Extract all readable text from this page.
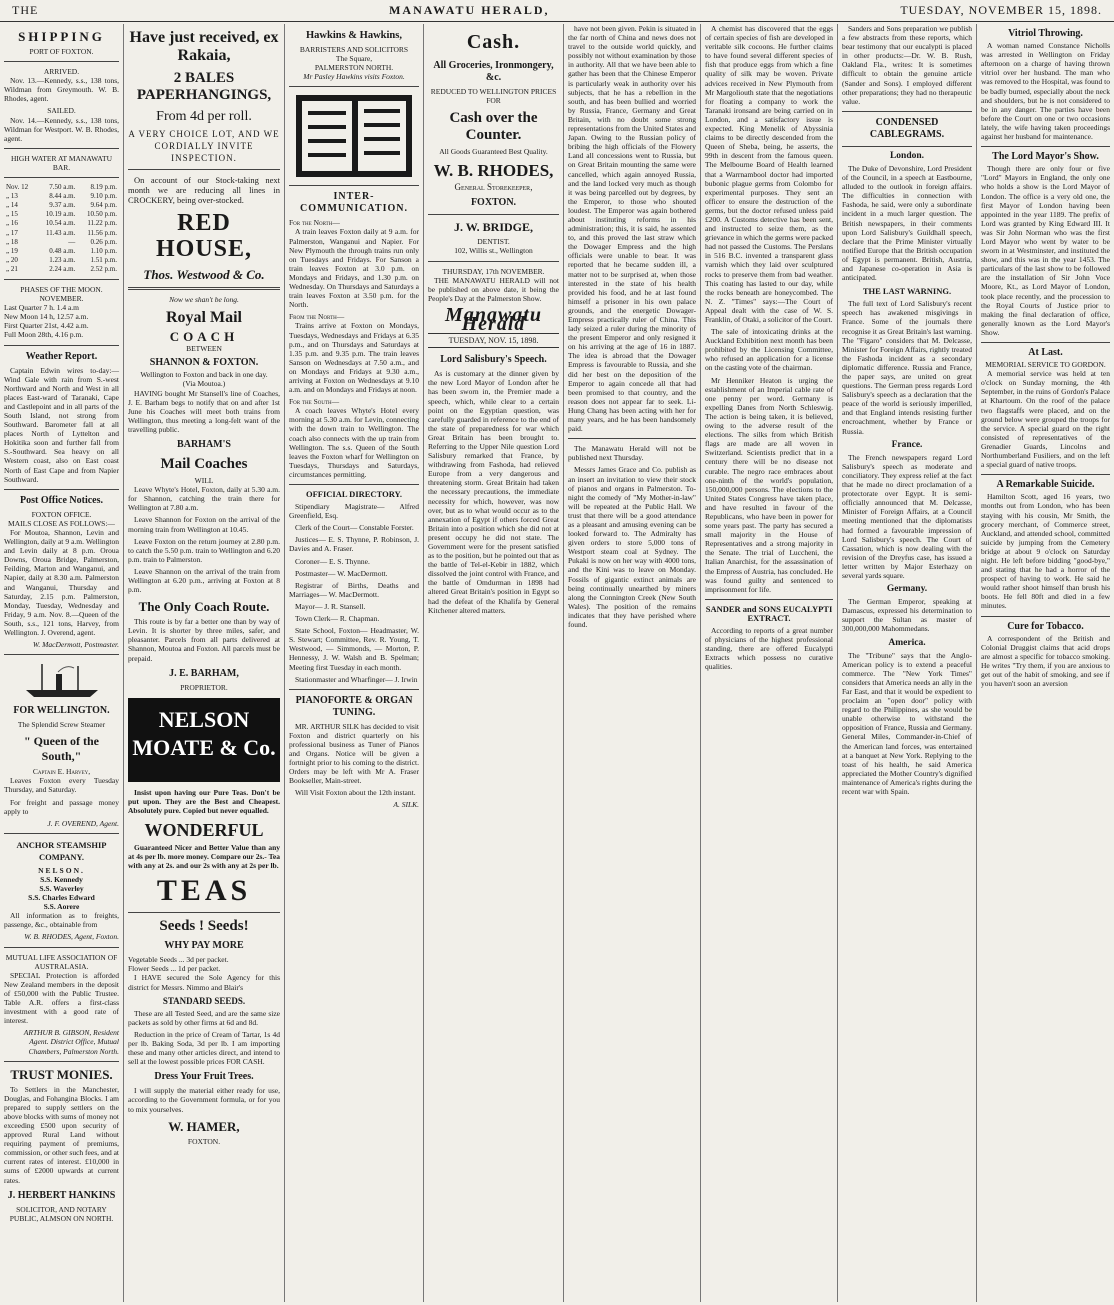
THE	MANAWATU HERALD,	TUESDAY, NOVEMBER 15, 1898.
SHIPPING
PORT OF FOXTON.
ARRIVED.

Nov. 13.—Kennedy, s.s., 138 tons, Wildman from Greymouth. W. B. Rhodes, agent.

SAILED.

Nov. 14.—Kennedy, s.s., 138 tons, Wildman for Westport. W. B. Rhodes, agent.

HIGH WATER AT MANAWATU BAR.
Nov. 12	7.50 a.m.	8.19 p.m.
„ 13	8.44 a.m.	9.10 p.m.
„ 14	9.37 a.m.	9.64 p.m.
„ 15	10.19 a.m.	10.50 p.m.
„ 16	10.54 a.m.	11.22 p.m.
„ 17	11.43 a.m.	11.56 p.m.
„ 18	—	0.26 p.m.
„ 19	0.48 a.m.	1.10 p.m.
„ 20	1.23 a.m.	1.51 p.m.
„ 21	2.24 a.m.	2.52 p.m.
PHASES OF THE MOON.
NOVEMBER.
Last Quarter 7 h. 1.4 a.m
New Moon 14 h, 12.57 a.m.
First Quarter 21st, 4.42 a.m.
Full Moon 28th, 4.16 p.m.
Weather Report.

Captain Edwin wires to-day:—Wind Gale with rain from S.-west Northward and North and West in all places East-ward of Taranaki, Cape and Castlepoint and in all parts of the South Island, not strong from Southward. Barometer fall at all places North of Lyttelton and Hokitika soon and further fall from S.-Southward. Sea heavy on all Western coast, also on East coast North of East Cape and from Napier Southward.

Post Office Notices.
FOXTON OFFICE.
MAILS CLOSE AS FOLLOWS:—

For Moutoa, Shannon, Levin and Wellington, daily at 9 a.m. Wellington and Levin daily at 8 p.m. Oroua Downs, Oroua Bridge, Palmerston, Feilding, Marton and Wanganui, and Napier, daily at 8.30 a.m. Palmerston and Wanganui, Thursday and Saturday, 2.15 p.m. Palmerston, Monday, Tuesday, Wednesday and Friday, 9 a.m. Nov. 8.—Queen of the South, s.s., 121 tons, Harvey, from Wellington. J. Overend, agent.

W. MacDermott, Postmaster.
FOR WELLINGTON.
The Splendid Screw Steamer
" Queen of the South,"
Captain E. Harvey,

Leaves Foxton every Tuesday Thursday, and Saturday.

For freight and passage money apply to

J. F. OVEREND, Agent.
ANCHOR STEAMSHIP COMPANY.
NELSON.
S.S. Kennedy
S.S. Waverley
S.S. Charles Edward
S.S. Aorere

All information as to freights, passenge, &c., obtainable from

W. B. RHODES, Agent, Foxton.
MUTUAL LIFE ASSOCIATION OF AUSTRALASIA.

SPECIAL Protection is afforded New Zealand members in the deposit of £50,000 with the Public Trustee. Table A.R. offers a first-class investment with a good rate of interest.

ARTHUR B. GIBSON, Resident Agent. District Office, Mutual Chambers, Palmerston North.
TRUST MONIES.

To Settlers in the Manchester, Douglas, and Fohangina Blocks. I am prepared to supply settlers on the above blocks with sums of money not exceeding £500 upon security of approved Rural Land without requiring payment of premiums, commission, or other such fees, and at current rates of interest. £10,000 in sums of £2000 upwards at current rates.

J. HERBERT HANKINS
SOLICITOR, AND NOTARY PUBLIC, ALMSON ON NORTH.
Have just received, ex Rakaia,
2 BALES PAPERHANGINGS,
From 4d per roll.
A VERY CHOICE LOT, AND WE CORDIALLY INVITE INSPECTION.

On account of our Stock-taking next month we are reducing all lines in CROCKERY, being over-stocked.

RED HOUSE,
Thos. Westwood & Co.
Now we shan't be long.
Royal Mail
COACH
BETWEEN
SHANNON & FOXTON.
Wellington to Foxton and back in one day.
(Via Moutoa.)

HAVING bought Mr Stansell's line of Coaches, J. E. Barham begs to notify that on and after 1st June his Coaches will meet both trains from Wellington, thus meeting a long-felt want of the travelling public.

BARHAM'S
Mail Coaches
WILL

Leave Whyte's Hotel, Foxton, daily at 5.30 a.m. for Shannon, catching the train there for Wellington at 7.80 a.m.

Leave Shannon for Foxton on the arrival of the morning train from Wellington at 10.45.

Leave Foxton on the return journey at 2.80 p.m. to catch the 5.50 p.m. train to Wellington and 6.20 p.m. train to Palmerston.

Leave Shannon on the arrival of the train from Wellington at 6.20 p.m., arriving at Foxton at 8 p.m.

The Only Coach Route.

This route is by far a better one than by way of Levin. It is shorter by three miles, safer, and pleasanter. Parcels from all parts delivered at Shannon, Moutoa and Foxton. All parcels must be prepaid.

J. E. BARHAM,
PROPRIETOR.
NELSON MOATE & Co.

Insist upon having our Pure Teas. Don't be put upon. They are the Best and Cheapest. Absolutely pure. Copied but never equalled.

WONDERFUL

Guaranteed Nicer and Better Value than any at 4s per lb. more money. Compare our 2s.- Tea with any at 2s. and our 2s with any at 2s per lb.

TEAS
Seeds ! Seeds!
WHY PAY MORE
Vegetable Seeds ... 3d per packet.
Flower Seeds ... 1d per packet.

I HAVE secured the Sole Agency for this district for Messrs. Nimmo and Blair's

STANDARD SEEDS.

These are all Tested Seed, and are the same size packets as sold by other firms at 6d and 8d.

Reduction in the price of Cream of Tartar, 1s 4d per lb. Baking Soda, 3d per lb. I am importing these and many other articles direct, and intend to sell at the lowest possible prices FOR CASH.

Dress Your Fruit Trees.

I will supply the material either ready for use, according to the Government formula, or for you to mix yourselves.

W. HAMER,
FOXTON.
Hawkins & Hawkins,
BARRISTERS AND SOLICITORS
The Square,
PALMERSTON NORTH.
Mr Pasley Hawkins visits Foxton.
INTER-COMMUNICATION.
For the North—

A train leaves Foxton daily at 9 a.m. for Palmerston, Wanganui and Napier. For New Plymouth the through trains run only on Tuesdays and Fridays. For Sanson a train leaves Foxton at 3.0 p.m. on Mondays and Fridays, and 1.30 p.m. on Wednesday. On Thursdays and Saturdays a train leaves Foxton at 3.50 p.m. for the North.

From the North—

Trains arrive at Foxton on Mondays, Tuesdays, Wednesdays and Fridays at 6.35 p.m., and on Thursdays and Saturdays at 1.35 p.m. and 9.35 p.m. The train leaves Sanson on Wednesdays at 7.50 a.m., and on Mondays and Fridays at 9.30 a.m., arriving at Foxton on Wednesdays at 9.10 a.m. and on Mondays and Fridays at noon.

For the South—

A coach leaves Whyte's Hotel every morning at 5.30 a.m. for Levin, connecting with the down train to Wellington. The coach also connects with the up train from Wellington. The s.s. Queen of the South leaves the Foxton wharf for Wellington on Tuesdays, Thursdays and Saturdays, circumstances permitting.

OFFICIAL DIRECTORY.

Stipendiary Magistrate— Alfred Greenfield, Esq.

Clerk of the Court— Constable Forster.

Justices— E. S. Thynne, P. Robinson, J. Davies and A. Fraser.

Coroner— E. S. Thynne.

Postmaster— W. MacDermott.

Registrar of Births, Deaths and Marriages— W. MacDermott.

Mayor— J. R. Stansell.

Town Clerk— R. Chapman.

State School, Foxton— Headmaster, W. S. Stewart; Committee, Rev. R. Young, T. Westwood, — Simmonds, — Morton, P. Hennessy, J. W. Walsh and B. Spelman; Meeting first Tuesday in each month.

Stationmaster and Wharfinger— J. Irwin

PIANOFORTE & ORGAN TUNING.

MR. ARTHUR SILK has decided to visit Foxton and district quarterly on his professional business as Tuner of Pianos and Organs. Notice will be given a fortnight prior to his coming to the district. Orders may be left with Mr A. Fraser Bookseller, Main-street.

Will Visit Foxton about the 12th instant.

A. SILK.
Cash.
All Groceries, Ironmongery, &c.
REDUCED TO WELLINGTON PRICES FOR
Cash over the Counter.
All Goods Guaranteed Best Quality.
W. B. RHODES,
General Storekeeper,
FOXTON.
J. W. BRIDGE,
DENTIST.
102, Willis st., Wellington
THURSDAY, 17th NOVEMBER.

THE MANAWATU HERALD will not be published on above date, it being the People's Day at the Palmerston Show.

Manawatu Herald
TUESDAY, NOV. 15, 1898.
Lord Salisbury's Speech.

As is customary at the dinner given by the new Lord Mayor of London after he has been sworn in, the Premier made a speech, which, while clear to a certain point on the Egyptian question, was carefully guarded in reference to the end of the state of preparedness for war which Great Britain has been brought to. Referring to the Upper Nile question Lord Salisbury remarked that France, by withdrawing from Fashoda, had relieved Europe from a very dangerous and threatening storm. Great Britain had taken the necessary precautions, the immediate necessity for which, however, was now over, but as to what would occur as to the annexation of Egypt if others forced Great Britain into a position which she did not at present occupy he did not state. The Government were for the present satisfied as to the position, but he pointed out that as the battle of Tel-el-Kebir in 1882, which dissolved the joint control with France, and the battle of Omdurman in 1898 had altered Great Britain's position in Egypt so had the defeat of the Khalifa by General Kitchener altered matters.

have not been given. Pekin is situated in the far north of China and news does not travel to the outside world quickly, and possibly not without examination by those in authority. All that we have been able to gather has been that the Chinese Emperor is particularly weak in authority over his subjects, that he has a rebellion in the south, and has been bullied and worried by Russia, France, Germany and Great Britain, with no doubt some strong representations from the United States and Japan. Owing to the Russian policy of bribing the high officials of the Flowery Land all concessions went to Russia, but on Great Britain mounting the same were cancelled, which again annoyed Russia, and the land locked very much as though it was being parcelled out by degrees, by the Emperor, to those who shouted loudest. The Emperor was again bothered about instituting reforms in his administration; this, it is said, he assented to, and this proved the last straw which the Dowager Empress and the high officials were unable to bear. It was reported that he became sudden ill, a matter not to be surprised at, when those interested in the state of his health provided his food, and he at last found himself a prisoner in his own palace grounds, and the energetic Dowager-Empress practically ruler of China. This lady seized a ruler during the minority of the present Emperor and only resigned it on his arriving at the age of 16 in 1887. The idea is abroad that the Dowager Empress is favourable to Russia, and she did her best on the deposition of the Emperor to again concede all that had been promised to that country, and the reason does not appear far to seek. Li-Hung Chang has been acting with her for many years, and he has been handsomely paid.

The Manawatu Herald will not be published next Thursday.

Messrs James Grace and Co. publish as an insert an invitation to view their stock of pianos and organs in Palmerston. To-night the comedy of "My Mother-in-law" will be repeated at the Public Hall. We trust that there will be a good attendance as a pleasant and amusing evening can be looked forward to. The Admiralty has given orders to store 5,000 tons of Westport steam coal at Sydney. The Pukaki is now on her way with 4000 tons, and the Kini was to leave on Monday. Fossils of gigantic extinct animals are being continually unearthed by miners along the Connington Creek (New South Wales). The position of the remains indicates that they have perished where found.

A chemist has discovered that the eggs of certain species of fish are developed in veritable silk cocoons. He further claims to have found several different species of fish that produce eggs from which a fine quality of silk may be woven. Private advices received in New Plymouth from Mr Margoliouth state that the negotiations for floating a company to work the Taranaki ironsand are being carried on in London, and a satisfactory issue is expected. King Menelik of Abyssinia claims to be directly descended from the Queen of Sheba, being, he asserts, the 99th in descent from the famous queen. The Melbourne Board of Health learned that a Warrnambool doctor had imported bubonic plague germs from Colombo for experimental purposes. They sent an officer to ensure the destruction of the germs, but the doctor refused unless paid £200. A Customs detective has been sent, and instructed to seize them, as the grievance in which the germs were packed had not passed the Customs. The Perslans in 516 B.C. invented a transparent glass varnish which they laid over sculptured rocks to preserve them from bad weather. This coating has lasted to our day, while the rocks beneath are honeycombed. The N. Z. "Times" says:—The Court of Appeal dealt with the case of W. S. Franklin, of Otaki, a solicitor of the Court.

The sale of intoxicating drinks at the Auckland Exhibition next month has been prohibited by the Licensing Committee, who refused an application for a license on the casting vote of the chairman.

Mr Henniker Heaton is urging the establishment of an Imperial cable rate of one penny per word. Germany is expelling Danes from North Schleswig. The action is being taken, it is believed, owing to the adverse result of the elections. The silks from which British flags are made are all woven in Switzerland. Scientists predict that in a century there will be no disease not curable. The negro race embraces about one-ninth of the world's population, 150,000,000 persons. The elections to the United States Congress have taken place, and have resulted in favour of the Republicans, who have been in power for some years past. The party has secured a small majority in the House of Representatives and a strong majority in the Senate. The trial of Luccheni, the Italian Anarchist, for the assassination of the Empress of Austria, has concluded. He was found guilty and sentenced to imprisonment for life.

SANDER and SONS EUCALYPTI EXTRACT.

According to reports of a great number of physicians of the highest professional standing, there are offered Eucalypti Extracts which possess no curative qualities.

Sanders and Sons preparation we publish a few abstracts from these reports, which bear testimony that our eucalypti is placed in other products:—Dr. W. B. Rush, Oakland Fla., writes: It is sometimes difficult to obtain the genuine article (Sander and Sons). I employed different other preparations; they had no therapeutic value.

CONDENSED CABLEGRAMS.
London.

The Duke of Devonshire, Lord President of the Council, in a speech at Eastbourne, alluded to the outlook in foreign affairs. The difficulties in connection with Fashoda, he said, were only a subordinate incident in a much larger question. The British newspapers, in their comments upon Lord Salisbury's Guildhall speech, declare that the Prime Minister virtually notified Europe that the British occupation of Egypt is permanent. British, Austria, and Japanese co-operation in Asia is anticipated.

THE LAST WARNING.

The full text of Lord Salisbury's recent speech has awakened misgivings in France. Some of the journals there recognise it as Great Britain's last warning. The "Figaro" considers that M. Delcasse, Minister for Foreign Affairs, rightly treated the Fashoda incident as a secondary diplomatic difference. Russia and France, the paper says, are united on great questions. The German press regards Lord Salisbury's speech as a declaration that the peace of the world is seriously imperilled, and that England intends resisting further encroachment, whether by France or Russia.

France.

The French newspapers regard Lord Salisbury's speech as moderate and conciliatory. They express relief at the fact that he made no direct proclamation of a protectorate over Egypt. It is semi-officially announced that M. Delcasse, Minister of Foreign Affairs, at a Council meeting mentioned that the diplomatists had formed a favourable impression of Lord Salisbury's speech. The Court of Cassation, which is now dealing with the revision of the Dreyfus case, has issued a letter written by Major Esterhazy on several yards square.

Germany.

The German Emperor, speaking at Damascus, expressed his determination to support the Sultan as master of 300,000,000 Mahommedans.

America.

The "Tribune" says that the Anglo-American policy is to extend a peaceful commerce. The "New York Times" considers that America needs an ally in the Far East, and that it would be expedient to proclaim an "open door" policy with regard to the Philippines, as she would be unable otherwise to withstand the opposition of France, Russia and Germany. General Miles, Commander-in-Chief of the American land forces, was entertained at a banquet at New York. Replying to the toast of his health, he said America appreciated the Mother Country's dignified maintenance of America's rights during the recent war with Spain.

Vitriol Throwing.

A woman named Constance Nicholls was arrested in Wellington on Friday afternoon on a charge of having thrown vitriol over her husband. The man who was removed to the Hospital, was found to be badly burned, especially about the neck and shoulders, but he is not considered to be in any danger. The parties have been before the Court on one or two occasions lately, the wife having taken proceedings against her husband for maintenance.

The Lord Mayor's Show.

Though there are only four or five "Lord" Mayors in England, the only one who holds a show is the Lord Mayor of London. The office is a very old one, the first Mayor of London having been appointed in the year 1189. The prefix of Lord was granted by King Edward III. It was Sir John Norman who was the first Lord Mayor who went by water to be sworn in at Westminster, and instituted the show, and this was in the year 1453. The particulars of the last show to be followed are the installation of Sir John Voce Moore, Kt., as Lord Mayor of London, took place recently, and the procession to the Royal Courts of Justice prior to making the final declaration of office, generally known as the Lord Mayor's Show.

At Last.
MEMORIAL SERVICE TO GORDON.

A memorial service was held at ten o'clock on Sunday morning, the 4th September, in the ruins of Gordon's Palace at Khartoum. On the roof of the palace two flagstaffs were placed, and on the ground below were grouped the troops for the service. A special guard on the right consisted of representatives of the Grenadier Guards, Lincolns and Northumberland Fusiliers, and on the left a special guard of native troops.

A Remarkable Suicide.

Hamilton Scott, aged 16 years, two months out from London, who has been staying with his cousin, Mr Smith, the grocery merchant, of Commerce street, Auckland, and attended school, committed suicide by jumping from the Cemetery bridge at about 9 o'clock on Saturday night. He left before bidding "good-bye," and stating that he had a horror of the prospect of having to work. He said he would rather shoot himself than brush his boots. He fell 80ft and died in a few minutes.

Cure for Tobacco.

A correspondent of the British and Colonial Druggist claims that acid drops are almost a specific for tobacco smoking. He writes "Try them, if you are anxious to get out of the habit of smoking, and see if you haven't soon an aversion
